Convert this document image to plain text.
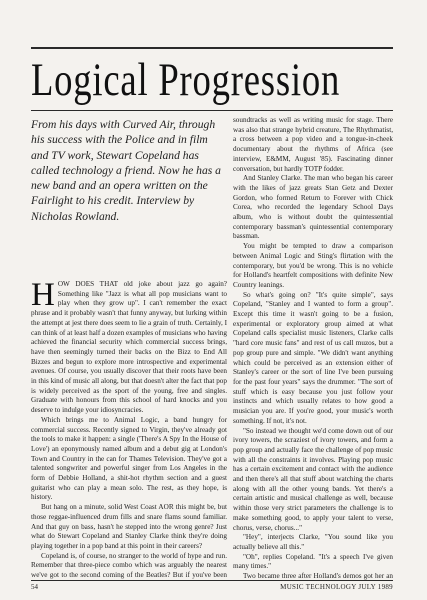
Logical Progression
From his days with Curved Air, through his success with the Police and in film and TV work, Stewart Copeland has called technology a friend. Now he has a new band and an opera written on the Fairlight to his credit. Interview by Nicholas Rowland.

HOW DOES THAT old joke about jazz go again? Something like "Jazz is what all pop musicians want to play when they grow up". I can't remember the exact phrase and it probably wasn't that funny anyway, but lurking within the attempt at jest there does seem to lie a grain of truth. Certainly, I can think of at least half a dozen examples of musicians who having achieved the financial security which commercial success brings, have then seemingly turned their backs on the Bizz to End All Bizzes and begun to explore more introspective and experimental avenues. Of course, you usually discover that their roots have been in this kind of music all along, but that doesn't alter the fact that pop is widely perceived as the sport of the young, free and singles. Graduate with honours from this school of hard knocks and you deserve to indulge your idiosyncracies.

Which brings me to Animal Logic, a band hungry for commercial success. Recently signed to Virgin, they've already got the tools to make it happen: a single ('There's A Spy In the House of Love') an eponymously named album and a debut gig at London's Town and Country in the can for Thames Television. They've got a talented songwriter and powerful singer from Los Angeles in the form of Debbie Holland, a shit-hot rhythm section and a guest guitarist who can play a mean solo. The rest, as they hope, is history.

But hang on a minute, solid West Coast AOR this might be, but those reggae-influenced drum fills and snare flams sound familiar. And that guy on bass, hasn't he stepped into the wrong genre? Just what do Stewart Copeland and Stanley Clarke think they're doing playing together in a pop band at this point in their careers?

Copeland is, of course, no stranger to the world of hype and run. Remember that three-piece combo which was arguably the nearest we've got to the second coming of the Beatles? But if you've been

soundtracks as well as writing music for stage. There was also that strange hybrid creature, The Rhythmatist, a cross between a pop video and a tongue-in-cheek documentary about the rhythms of Africa (see interview, E&MM, August '85). Fascinating dinner conversation, but hardly TOTP fodder.

And Stanley Clarke. The man who began his career with the likes of jazz greats Stan Getz and Dexter Gordon, who formed Return to Forever with Chick Corea, who recorded the legendary School Days album, who is without doubt the quintessential contemporary bassman's quintessential contemporary bassman.

You might be tempted to draw a comparison between Animal Logic and Sting's flirtation with the contemporary, but you'd be wrong. This is no vehicle for Holland's heartfelt compositions with definite New Country leanings.

So what's going on? "It's quite simple", says Copeland, "Stanley and I wanted to form a group". Except this time it wasn't going to be a fusion, experimental or exploratory group aimed at what Copeland calls specialist music listeners, Clarke calls "hard core music fans" and rest of us call muzos, but a pop group pure and simple. "We didn't want anything which could be perceived as an extension either of Stanley's career or the sort of line I've been pursuing for the past four years" says the drummer. "The sort of stuff which is easy because you just follow your instincts and which usually relates to how good a musician you are. If you're good, your music's worth something. If not, it's not.

"So instead we thought we'd come down out of our ivory towers, the scraziest of ivory towers, and form a pop group and actually face the challenge of pop music with all the constraints it involves. Playing pop music has a certain excitement and contact with the audience and then there's all that stuff about watching the charts along with all the other young bands. Yet there's a certain artistic and musical challenge as well, because within those very strict parameters the challenge is to make something good, to apply your talent to verse, chorus, verse, chorus..."

"Hey", interjects Clarke, "You sound like you actually believe all this."

"Oh", replies Copeland. "It's a speech I've given many times."

Two became three after Holland's demos got her an

54	MUSIC TECHNOLOGY JULY 1989
